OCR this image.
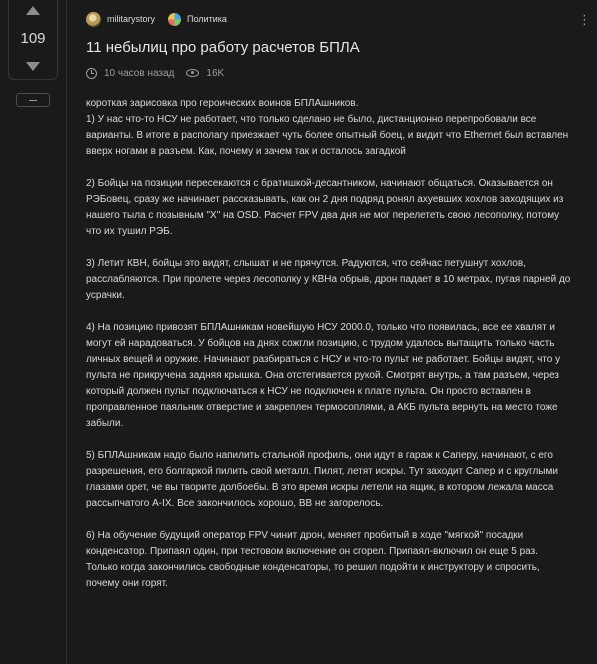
109
militarystory	Политика	⋮
11 небылиц про работу расчетов БПЛА
10 часов назад	16K

короткая зарисовка про героических воинов БПЛАшников.

1) У нас что-то НСУ не работает, что только сделано не было, дистанционно перепробовали все варианты. В итоге в располагу приезжает чуть более опытный боец, и видит что Ethernet был вставлен вверх ногами в разъем. Как, почему и зачем так и осталось загадкой

2) Бойцы на позиции пересекаются с братишкой-десантником, начинают общаться. Оказывается он РЭБовец, сразу же начинает рассказывать, как он 2 дня подряд ронял ахуевших хохлов заходящих из нашего тыла с позывным "Х" на OSD. Расчет FPV два дня не мог перелететь свою лесополку, потому что их тушил РЭБ.

3) Летит КВН, бойцы это видят, слышат и не прячутся. Радуются, что сейчас петушнут хохлов, расслабляются. При пролете через лесополку у КВНа обрыв, дрон падает в 10 метрах, пугая парней до усрачки.

4) На позицию привозят БПЛАшникам новейшую НСУ 2000.0, только что появилась, все ее хвалят и могут ей нарадоваться. У бойцов на днях сожгли позицию, с трудом удалось вытащить только часть личных вещей и оружие. Начинают разбираться с НСУ и что-то пульт не работает. Бойцы видят, что у пульта не прикручена задняя крышка. Она отстегивается рукой. Смотрят внутрь, а там разъем, через который должен пульт подключаться к НСУ не подключен к плате пульта. Он просто вставлен в проправленное паяльник отверстие и закреплен термосоплями, а АКБ пульта вернуть на место тоже забыли.

5) БПЛАшникам надо было напилить стальной профиль, они идут в гараж к Саперу, начинают, с его разрешения, его болгаркой пилить свой металл. Пилят, летят искры. Тут заходит Сапер и с круглыми глазами орет, че вы творите долбоебы. В это время искры летели на ящик, в котором лежала масса рассыпчатого A-IX. Все закончилось хорошо, ВВ не загорелось.

6) На обучение будущий оператор FPV чинит дрон, меняет пробитый в ходе "мягкой" посадки конденсатор. Припаял один, при тестовом включение он сгорел. Припаял-включил он еще 5 раз. Только когда закончились свободные конденсаторы, то решил подойти к инструктору и спросить, почему они горят.
